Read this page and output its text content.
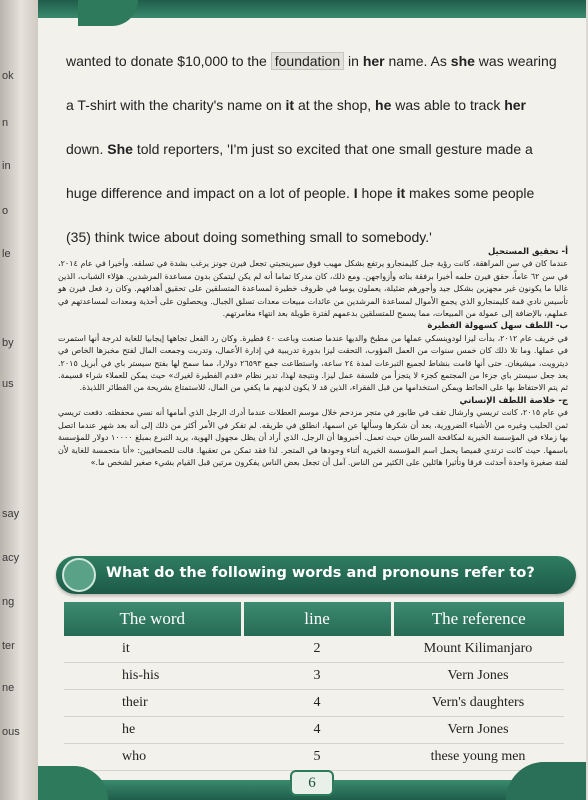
ok
n
in
o
le
by
us
say
acy
ng
ter
ne
ous

wanted to donate $10,000 to the foundation in her name. As she was wearing

a T-shirt with the charity's name on it at the shop, he was able to track her

down. She told reporters, 'I'm just so excited that one small gesture made a

huge difference and impact on a lot of people. I hope it makes some people

(35) think twice about doing something small to somebody.'

أ- تحقيق المستحيل

عندما كان في سن المراهقة، كانت رؤية جبل كليمنجارو يرتفع بشكل مهيب فوق سيرينجيتي تجعل فيرن جونز يرغب بشدة في تسلقه. وأخيرا في عام ٢٠١٤، في سن ٦٢ عاماً، حقق فيرن حلمه أخيرا برفقة بناته وأزواجهن. ومع ذلك، كان مدركا تماما أنه لم يكن ليتمكن بدون مساعدة المرشدين. هؤلاء الشباب، الذين غالبا ما يكونون غير مجهزين بشكل جيد وأجورهم ضئيلة، يعملون يوميا في ظروف خطيرة لمساعدة المتسلقين على تحقيق أهدافهم. وكان رد فعل فيرن هو تأسيس نادي قمة كليمنجارو الذي يجمع الأموال لمساعدة المرشدين من عائدات مبيعات معدات تسلق الجبال. ويحصلون على أحذية ومعدات لمساعدتهم في عملهم، بالإضافة إلى عمولة من المبيعات، مما يسمح للمتسلقين بدعمهم لفترة طويلة بعد انتهاء مغامرتهم.

ب- اللطف سهل كسهولة الفطيرة

في خريف عام ٢٠١٢، بدأت ليزا لودوينسكي عملها من مطبخ والديها عندما صنعت وباعت ٤٠ فطيرة. وكان رد الفعل تجاهها إيجابيا للغاية لدرجة أنها استمرت في عملها. وما تلا ذلك كان خمس سنوات من العمل المؤوب، التحقت ليزا بدورة تدريبية في إدارة الأعمال، وتدربت وجمعت المال لفتح مخبزها الخاص في ديترويت، ميشيغان. حتى أنها قامت بنشاط لجميع التبرعات لمدة ٢٤ ساعة، واستطاعت جمع ٢٦٥٩٣ دولارا، مما سمح لها بفتح سيستر باي في أبريل ٢٠١٥. يعد جعل سيستر باي جزءا من المجتمع كجزء لا يتجزأ من فلسفة عمل ليزا. ونتيجة لهذا، تدير نظام «قدم الفطيرة لغيرك» حيث يمكن للعملاء شراء قسيمة. ثم يتم الاحتفاظ بها على الحائط ويمكن استخدامها من قبل الفقراء، الذين قد لا يكون لديهم ما يكفي من المال، للاستمتاع بشريحة من الفطائر اللذيذة.

ج- خلاصة اللطف الإنساني

في عام ٢٠١٥، كانت تريسي وارشال تقف في طابور في متجر مزدحم خلال موسم العطلات عندما أدرك الرجل الذي أمامها أنه نسي محفظته. دفعت تريسي ثمن الحليب وغيره من الأشياء الضرورية، بعد أن شكرها وسألها عن اسمها، انطلق في طريقه. لم تفكر في الأمر أكثر من ذلك إلى أنه بعد شهر عندما اتصل بها زملاء في المؤسسة الخيرية لمكافحة السرطان حيث تعمل. أخبروها أن الرجل، الذي أراد أن يظل مجهول الهوية، يريد التبرع بمبلغ ١٠٠٠٠ دولار للمؤسسة باسمها. حيث كانت ترتدي قميصا يحمل اسم المؤسسة الخيرية أثناء وجودها في المتجر. لذا فقد تمكن من تعقبها. قالت للصحافيين: «أنا متحمسة للغاية لأن لفتة صغيرة واحدة أحدثت فرقا وتأثيرا هائلين على الكثير من الناس. آمل أن تجعل بعض الناس يفكرون مرتين قبل القيام بشيء صغير لشخص ما.»

What do the following words and pronouns refer to?
The word	line	The reference
it	2	Mount Kilimanjaro
his-his	3	Vern Jones
their	4	Vern's daughters
he	4	Vern Jones
who	5	these young men
6
